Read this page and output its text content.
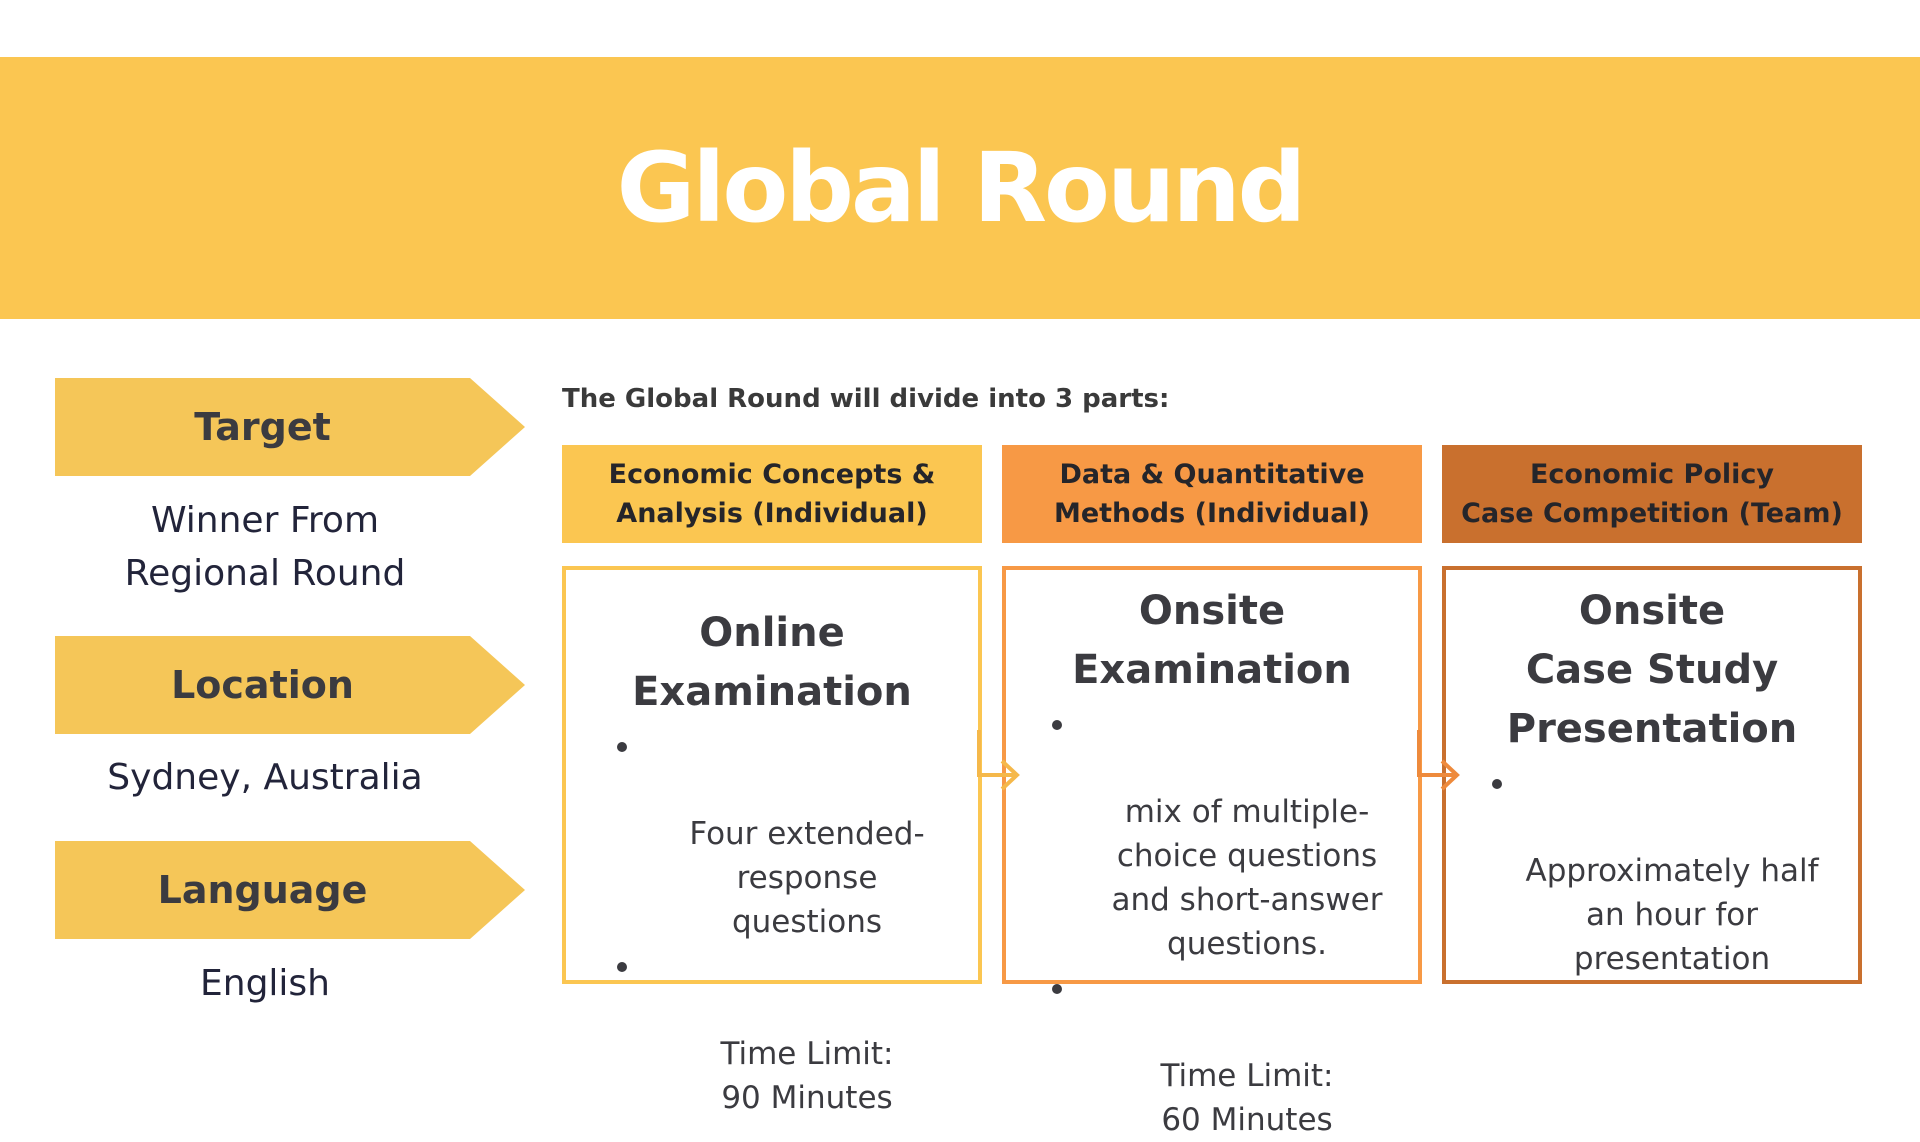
Global Round
Target
Winner From
Regional Round
Location
Sydney, Australia
Language
English
The Global Round will divide into 3 parts:
Economic Concepts &
Analysis (Individual)
Data & Quantitative
Methods (Individual)
Economic Policy
Case Competition (Team)
Online
Examination

Four extended-
response
questions

Time Limit:
90 Minutes

Onsite
Examination

mix of multiple-
choice questions
and short-answer
questions.

Time Limit:
60 Minutes

Onsite
Case Study
Presentation

Approximately half
an hour for
presentation
